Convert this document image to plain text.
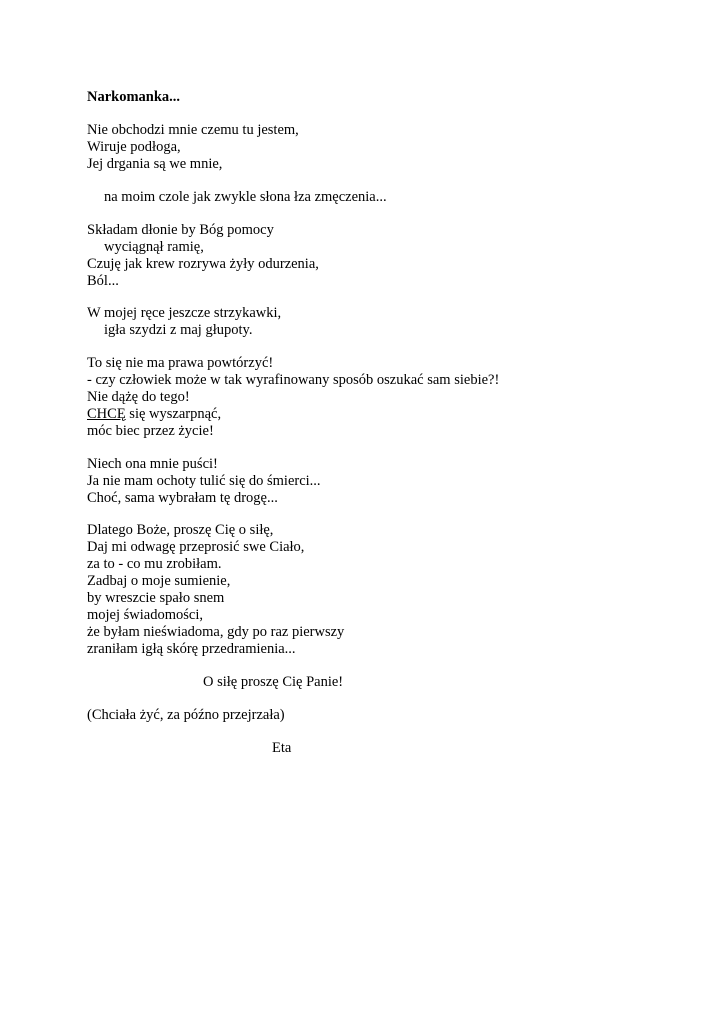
Narkomanka...
Nie obchodzi mnie czemu tu jestem,
Wiruje podłoga,
Jej drgania są we mnie,
na moim czole jak zwykle słona łza zmęczenia...
Składam dłonie by Bóg pomocy
wyciągnął ramię,
Czuję jak krew rozrywa żyły odurzenia,
Ból...
W mojej ręce jeszcze strzykawki,
igła szydzi z maj głupoty.
To się nie ma prawa powtórzyć!
- czy człowiek może w tak wyrafinowany sposób oszukać sam siebie?!
Nie dążę do tego!
CHCĘ się wyszarpnąć,
móc biec przez życie!
Niech ona mnie puści!
Ja nie mam ochoty tulić się do śmierci...
Choć, sama wybrałam tę drogę...
Dlatego Boże, proszę Cię o siłę,
Daj mi odwagę przeprosić swe Ciało,
za to - co mu zrobiłam.
Zadbaj o moje sumienie,
by wreszcie spało snem
mojej świadomości,
że byłam nieświadoma, gdy po raz pierwszy
zraniłam igłą skórę przedramienia...
O siłę proszę Cię Panie!
(Chciała żyć, za późno przejrzała)
Eta
